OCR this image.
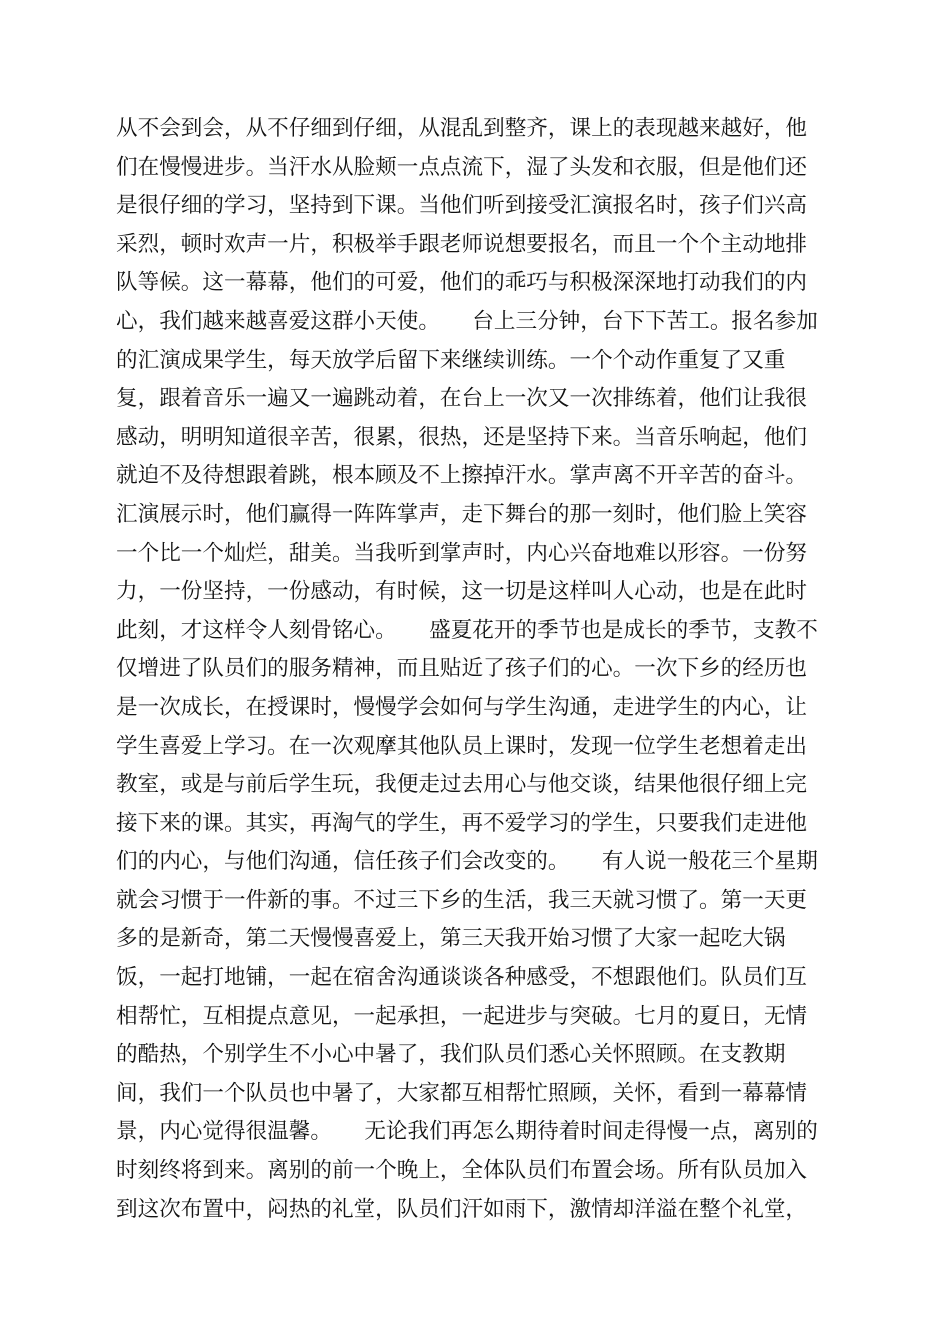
从不会到会，从不仔细到仔细，从混乱到整齐，课上的表现越来越好，他
们在慢慢进步。当汗水从脸颊一点点流下，湿了头发和衣服，但是他们还
是很仔细的学习，坚持到下课。当他们听到接受汇演报名时，孩子们兴高
采烈，顿时欢声一片，积极举手跟老师说想要报名，而且一个个主动地排
队等候。这一幕幕，他们的可爱，他们的乖巧与积极深深地打动我们的内
心，我们越来越喜爱这群小天使。　　台上三分钟，台下下苦工。报名参加
的汇演成果学生，每天放学后留下来继续训练。一个个动作重复了又重
复，跟着音乐一遍又一遍跳动着，在台上一次又一次排练着，他们让我很
感动，明明知道很辛苦，很累，很热，还是坚持下来。当音乐响起，他们
就迫不及待想跟着跳，根本顾及不上擦掉汗水。掌声离不开辛苦的奋斗。
汇演展示时，他们赢得一阵阵掌声，走下舞台的那一刻时，他们脸上笑容
一个比一个灿烂，甜美。当我听到掌声时，内心兴奋地难以形容。一份努
力，一份坚持，一份感动，有时候，这一切是这样叫人心动，也是在此时
此刻，才这样令人刻骨铭心。　　盛夏花开的季节也是成长的季节，支教不
仅增进了队员们的服务精神，而且贴近了孩子们的心。一次下乡的经历也
是一次成长，在授课时，慢慢学会如何与学生沟通，走进学生的内心，让
学生喜爱上学习。在一次观摩其他队员上课时，发现一位学生老想着走出
教室，或是与前后学生玩，我便走过去用心与他交谈，结果他很仔细上完
接下来的课。其实，再淘气的学生，再不爱学习的学生，只要我们走进他
们的内心，与他们沟通，信任孩子们会改变的。　　有人说一般花三个星期
就会习惯于一件新的事。不过三下乡的生活，我三天就习惯了。第一天更
多的是新奇，第二天慢慢喜爱上，第三天我开始习惯了大家一起吃大锅
饭，一起打地铺，一起在宿舍沟通谈谈各种感受，不想跟他们。队员们互
相帮忙，互相提点意见，一起承担，一起进步与突破。七月的夏日，无情
的酷热，个别学生不小心中暑了，我们队员们悉心关怀照顾。在支教期
间，我们一个队员也中暑了，大家都互相帮忙照顾，关怀，看到一幕幕情
景，内心觉得很温馨。　　无论我们再怎么期待着时间走得慢一点，离别的
时刻终将到来。离别的前一个晚上，全体队员们布置会场。所有队员加入
到这次布置中，闷热的礼堂，队员们汗如雨下，激情却洋溢在整个礼堂，
